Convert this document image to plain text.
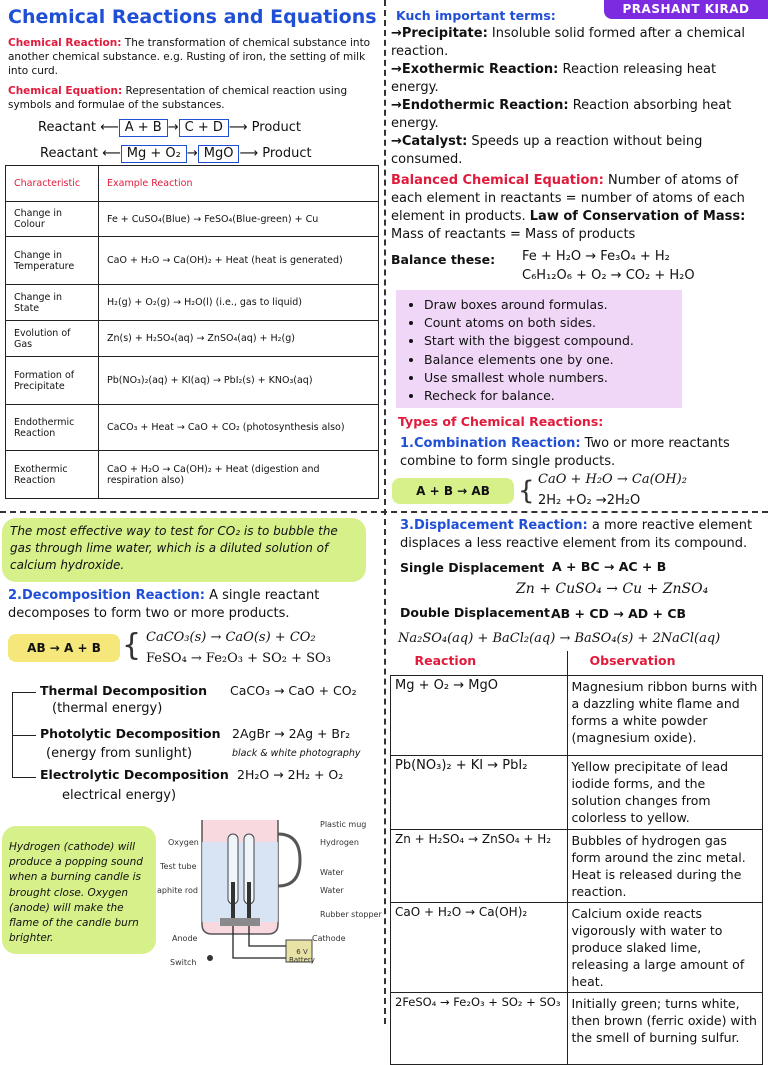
PRASHANT KIRAD
Chemical Reactions and Equations
Chemical Reaction: The transformation of chemical substance into another chemical substance. e.g. Rusting of iron, the setting of milk into curd.
Chemical Equation: Representation of chemical reaction using symbols and formulae of the substances.
Reactant ⟵ A + B → C + D ⟶ Product
Reactant ⟵ Mg + O₂ → MgO ⟶ Product
Characteristic	Example Reaction
Change in Colour	Fe + CuSO₄(Blue) → FeSO₄(Blue-green) + Cu
Change in Temperature	CaO + H₂O → Ca(OH)₂ + Heat (heat is generated)
Change in State	H₂(g) + O₂(g) → H₂O(l) (i.e., gas to liquid)
Evolution of Gas	Zn(s) + H₂SO₄(aq) → ZnSO₄(aq) + H₂(g)
Formation of Precipitate	Pb(NO₃)₂(aq) + KI(aq) → PbI₂(s) + KNO₃(aq)
Endothermic Reaction	CaCO₃ + Heat → CaO + CO₂ (photosynthesis also)
Exothermic Reaction	CaO + H₂O → Ca(OH)₂ + Heat (digestion and respiration also)
Kuch important terms:
→Precipitate: Insoluble solid formed after a chemical reaction.
→Exothermic Reaction: Reaction releasing heat energy.
→Endothermic Reaction: Reaction absorbing heat energy.
→Catalyst: Speeds up a reaction without being consumed.
Balanced Chemical Equation: Number of atoms of each element in reactants = number of atoms of each element in products. Law of Conservation of Mass: Mass of reactants = Mass of products
Balance these: Fe + H₂O → Fe₃O₄ + H₂
C₆H₁₂O₆ + O₂ → CO₂ + H₂O
• Draw boxes around formulas.
• Count atoms on both sides.
• Start with the biggest compound.
• Balance elements one by one.
• Use smallest whole numbers.
• Recheck for balance.
Types of Chemical Reactions:
1.Combination Reaction: Two or more reactants combine to form single products.
A + B → AB	{ CaO + H₂O → Ca(OH)₂
2H₂ +O₂ →2H₂O
The most effective way to test for CO₂ is to bubble the gas through lime water, which is a diluted solution of calcium hydroxide.
2.Decomposition Reaction: A single reactant decomposes to form two or more products.
AB → A + B { CaCO₃(s) → CaO(s) + CO₂
FeSO₄ → Fe₂O₃ + SO₂ + SO₃
Thermal Decomposition
(thermal energy)
CaCO₃ → CaO + CO₂
Photolytic Decomposition
(energy from sunlight)
2AgBr → 2Ag + Br₂
black & white photography
Electrolytic Decomposition
electrical energy)
2H₂O → 2H₂ + O₂
Hydrogen (cathode) will produce a popping sound when a burning candle is brought close. Oxygen (anode) will make the flame of the candle burn brighter.
Plastic mug
Oxygen	Hydrogen
Test tube
Water
aphite rod	Water
Rubber stopper
Anode	Cathode
Switch
6 V Battery
3.Displacement Reaction: a more reactive element displaces a less reactive element from its compound.
Single Displacement A + BC → AC + B
Zn + CuSO₄ → Cu + ZnSO₄
Double Displacement AB + CD → AD + CB
Na₂SO₄(aq) + BaCl₂(aq) → BaSO₄(s) + 2NaCl(aq)
Reaction	Observation
Mg + O₂ → MgO	Magnesium ribbon burns with a dazzling white flame and forms a white powder (magnesium oxide).
Pb(NO₃)₂ + KI → PbI₂	Yellow precipitate of lead iodide forms, and the solution changes from colorless to yellow.
Zn + H₂SO₄ → ZnSO₄ + H₂	Bubbles of hydrogen gas form around the zinc metal. Heat is released during the reaction.
CaO + H₂O → Ca(OH)₂	Calcium oxide reacts vigorously with water to produce slaked lime, releasing a large amount of heat.
2FeSO₄ → Fe₂O₃ + SO₂ + SO₃	Initially green; turns white, then brown (ferric oxide) with the smell of burning sulfur.
